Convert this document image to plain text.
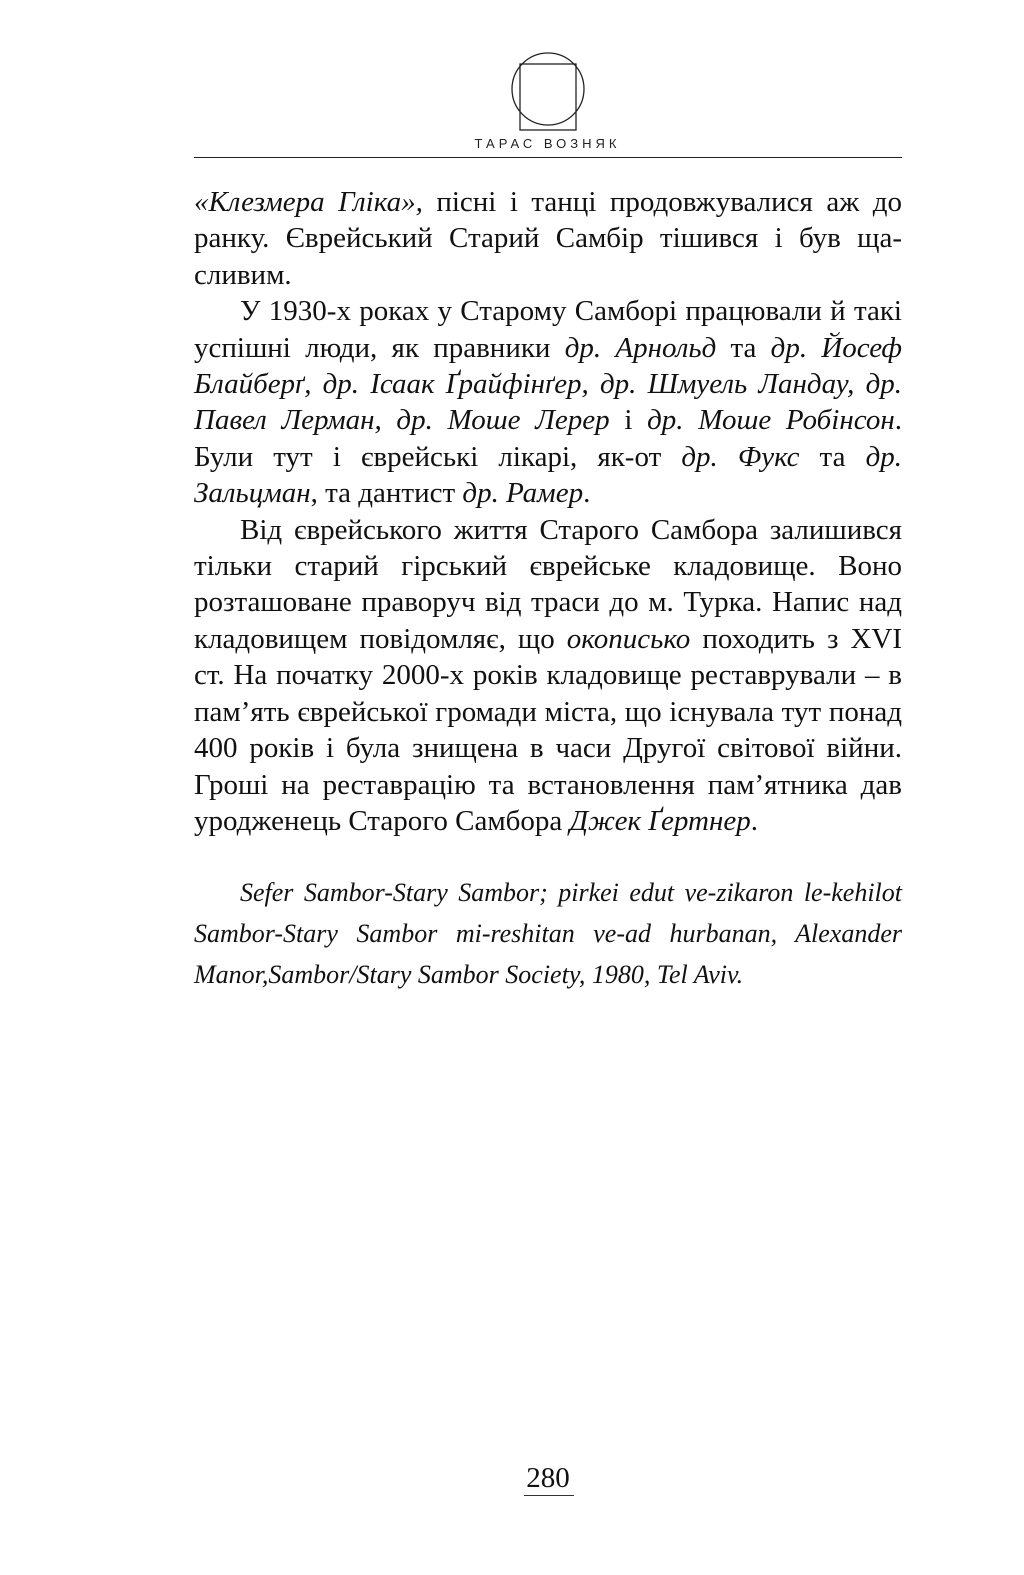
ТАРАС ВОЗНЯК

«Клезмера Гліка», пісні і танці продовжувалися аж до ранку. Єврейський Старий Самбір тішився і був щасливим.

У 1930-х роках у Старому Самборі працювали й такі успішні люди, як правники др. Арнольд та др. Йосеф Блайберґ, др. Ісаак Ґрайфінґер, др. Шмуель Ландау, др. Павел Лерман, др. Моше Лерер і др. Моше Робінсон. Були тут і єврейські лікарі, як-от др. Фукс та др. Зальцман, та дантист др. Рамер.

Від єврейського життя Старого Самбора залишився тільки старий гірський єврейське кладовище. Воно розташоване праворуч від траси до м. Турка. Напис над кладовищем повідомляє, що окописько походить з XVI ст. На початку 2000-х років кладовище реставрували – в пам’ять єврейської громади міста, що існувала тут понад 400 років і була знищена в часи Другої світової війни. Гроші на реставрацію та встановлення пам’ятника дав уродженець Старого Самбора Джек Ґертнер.

Sefer Sambor-Stary Sambor; pirkei edut ve-zikaron le-kehilot Sambor-Stary Sambor mi-reshitan ve-ad hurbanan, Alexander Manor,Sambor/Stary Sambor Society, 1980, Tel Aviv.
280
